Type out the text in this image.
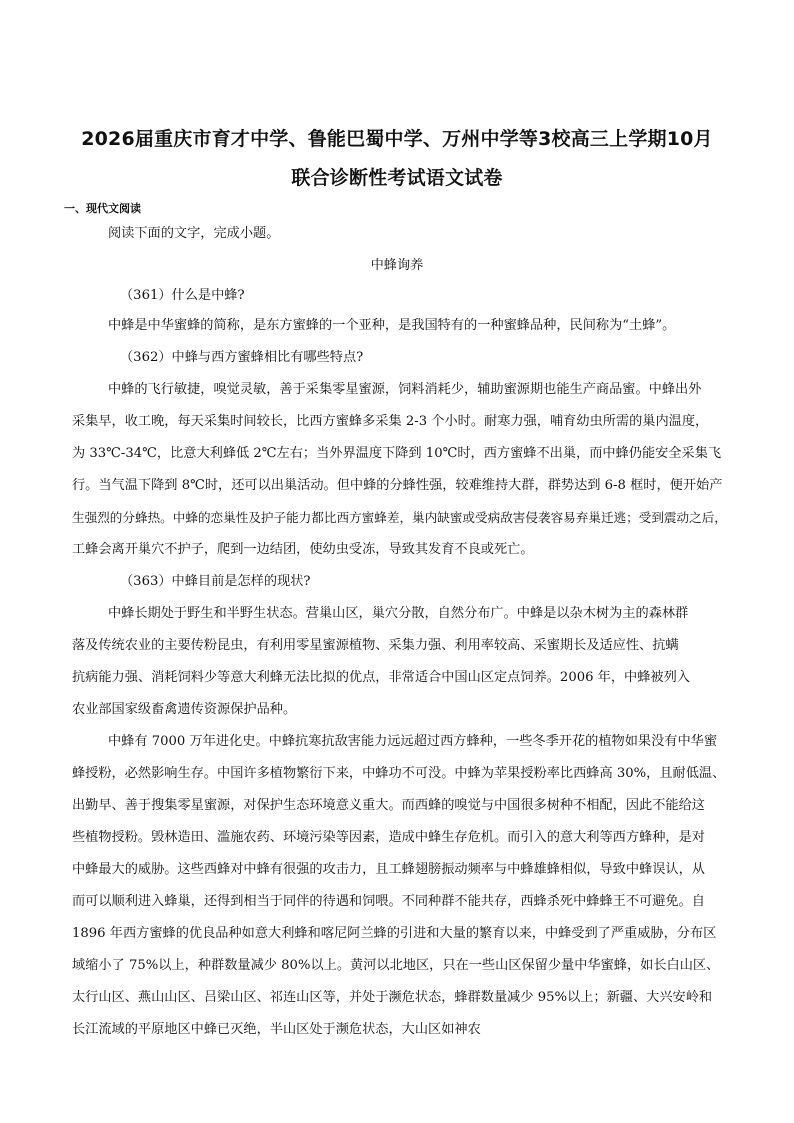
2026届重庆市育才中学、鲁能巴蜀中学、万州中学等3校高三上学期10月
联合诊断性考试语文试卷
一、现代文阅读
阅读下面的文字，完成小题。
中蜂询养
（361）什么是中蜂?
中蜂是中华蜜蜂的简称，是东方蜜蜂的一个亚种，是我国特有的一种蜜蜂品种，民间称为“土蜂”。
（362）中蜂与西方蜜蜂相比有哪些特点?
中蜂的飞行敏捷，嗅觉灵敏，善于采集零星蜜源，饲料消耗少，辅助蜜源期也能生产商品蜜。中蜂出外
采集早，收工晚，每天采集时间较长，比西方蜜蜂多采集 2-3 个小时。耐寒力强，哺育幼虫所需的巢内温度，
为 33℃-34℃，比意大利蜂低 2℃左右；当外界温度下降到 10℃时，西方蜜蜂不出巢，而中蜂仍能安全采集飞
行。当气温下降到 8℃时，还可以出巢活动。但中蜂的分蜂性强，较难维持大群，群势达到 6-8 框时，便开始产
生强烈的分蜂热。中蜂的恋巢性及护子能力都比西方蜜蜂差，巢内缺蜜或受病敌害侵袭容易弃巢迁逃；受到震动之后，
工蜂会离开巢穴不护子，爬到一边结团，使幼虫受冻，导致其发育不良或死亡。
（363）中蜂目前是怎样的现状?
中蜂长期处于野生和半野生状态。营巢山区，巢穴分散，自然分布广。中蜂是以杂木树为主的森林群
落及传统农业的主要传粉昆虫，有利用零星蜜源植物、采集力强、利用率较高、采蜜期长及适应性、抗螨
抗病能力强、消耗饲料少等意大利蜂无法比拟的优点，非常适合中国山区定点饲养。2006 年，中蜂被列入
农业部国家级畜禽遗传资源保护品种。
中蜂有 7000 万年进化史。中蜂抗寒抗敌害能力远远超过西方蜂种，一些冬季开花的植物如果没有中华蜜
蜂授粉，必然影响生存。中国许多植物繁衍下来，中蜂功不可没。中蜂为苹果授粉率比西蜂高 30%，且耐低温、
出勤早、善于搜集零星蜜源，对保护生态环境意义重大。而西蜂的嗅觉与中国很多树种不相配，因此不能给这
些植物授粉。毁林造田、滥施农药、环境污染等因素，造成中蜂生存危机。而引入的意大利等西方蜂种，是对
中蜂最大的威胁。这些西蜂对中蜂有很强的攻击力，且工蜂翅膀振动频率与中蜂雄蜂相似，导致中蜂误认，从
而可以顺利进入蜂巢，还得到相当于同伴的待遇和饲喂。不同种群不能共存，西蜂杀死中蜂蜂王不可避免。自
1896 年西方蜜蜂的优良品种如意大利蜂和喀尼阿兰蜂的引进和大量的繁育以来，中蜂受到了严重威胁，分布区
域缩小了 75%以上，种群数量减少 80%以上。黄河以北地区，只在一些山区保留少量中华蜜蜂，如长白山区、
太行山区、燕山山区、吕梁山区、祁连山区等，并处于濒危状态，蜂群数量减少 95%以上；新疆、大兴安岭和
长江流域的平原地区中蜂已灭绝，半山区处于濒危状态，大山区如神农
